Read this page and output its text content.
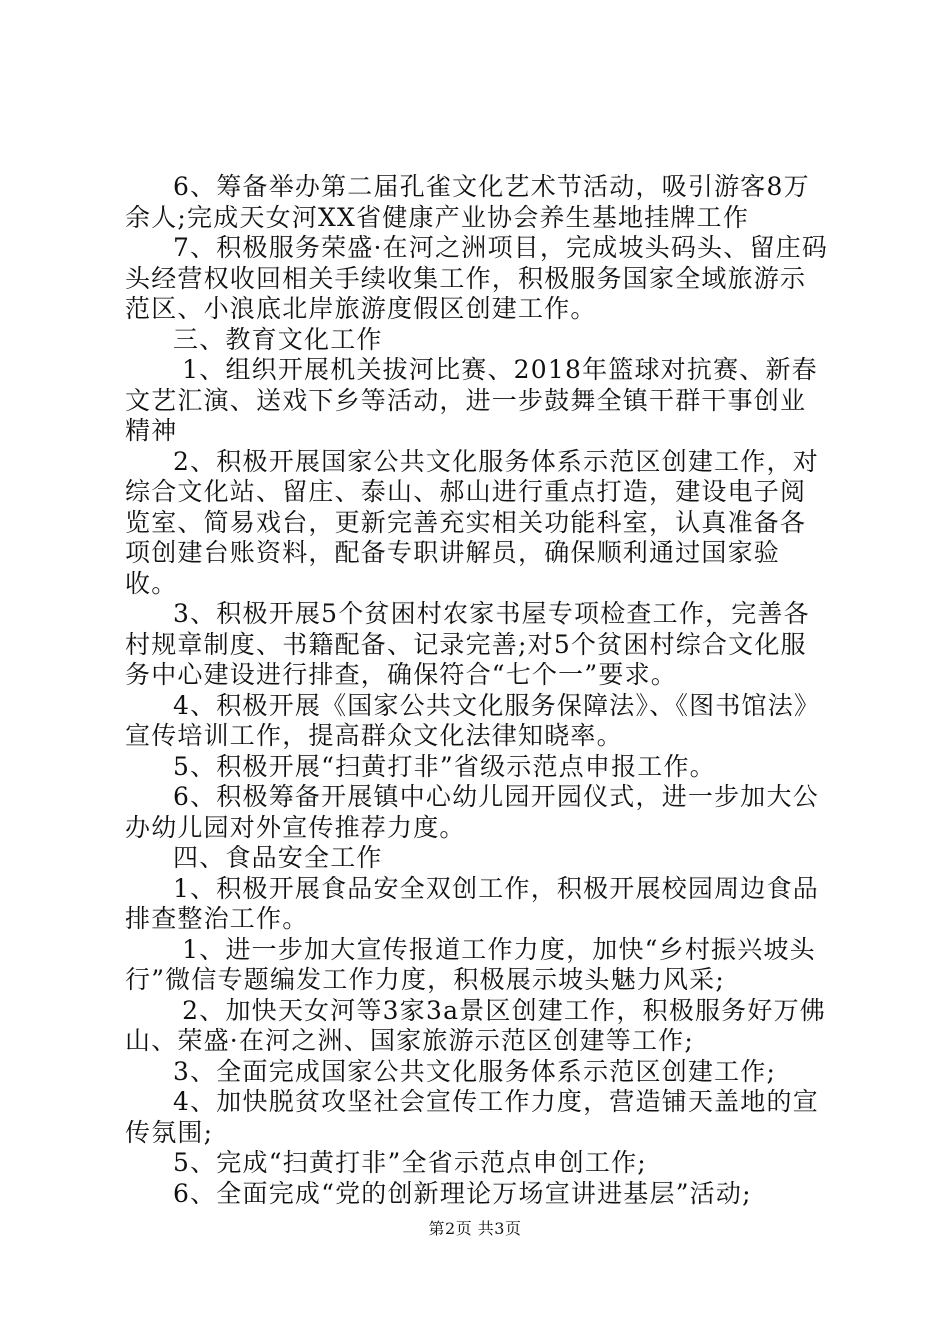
6、筹备举办第二届孔雀文化艺术节活动，吸引游客8万余人;完成天女河XX省健康产业协会养生基地挂牌工作

7、积极服务荣盛·在河之洲项目，完成坡头码头、留庄码头经营权收回相关手续收集工作，积极服务国家全域旅游示范区、小浪底北岸旅游度假区创建工作。

三、教育文化工作

1、组织开展机关拔河比赛、2018年篮球对抗赛、新春文艺汇演、送戏下乡等活动，进一步鼓舞全镇干群干事创业精神

2、积极开展国家公共文化服务体系示范区创建工作，对综合文化站、留庄、泰山、郝山进行重点打造，建设电子阅览室、简易戏台，更新完善充实相关功能科室，认真准备各项创建台账资料，配备专职讲解员，确保顺利通过国家验收。

3、积极开展5个贫困村农家书屋专项检查工作，完善各村规章制度、书籍配备、记录完善;对5个贫困村综合文化服务中心建设进行排查，确保符合“七个一”要求。

4、积极开展《国家公共文化服务保障法》、《图书馆法》宣传培训工作，提高群众文化法律知晓率。

5、积极开展“扫黄打非”省级示范点申报工作。

6、积极筹备开展镇中心幼儿园开园仪式，进一步加大公办幼儿园对外宣传推荐力度。

四、食品安全工作

1、积极开展食品安全双创工作，积极开展校园周边食品排查整治工作。

1、进一步加大宣传报道工作力度，加快“乡村振兴坡头行”微信专题编发工作力度，积极展示坡头魅力风采;

2、加快天女河等3家3a景区创建工作，积极服务好万佛山、荣盛·在河之洲、国家旅游示范区创建等工作;

3、全面完成国家公共文化服务体系示范区创建工作;

4、加快脱贫攻坚社会宣传工作力度，营造铺天盖地的宣传氛围;

5、完成“扫黄打非”全省示范点申创工作;

6、全面完成“党的创新理论万场宣讲进基层”活动;

第2页 共3页
